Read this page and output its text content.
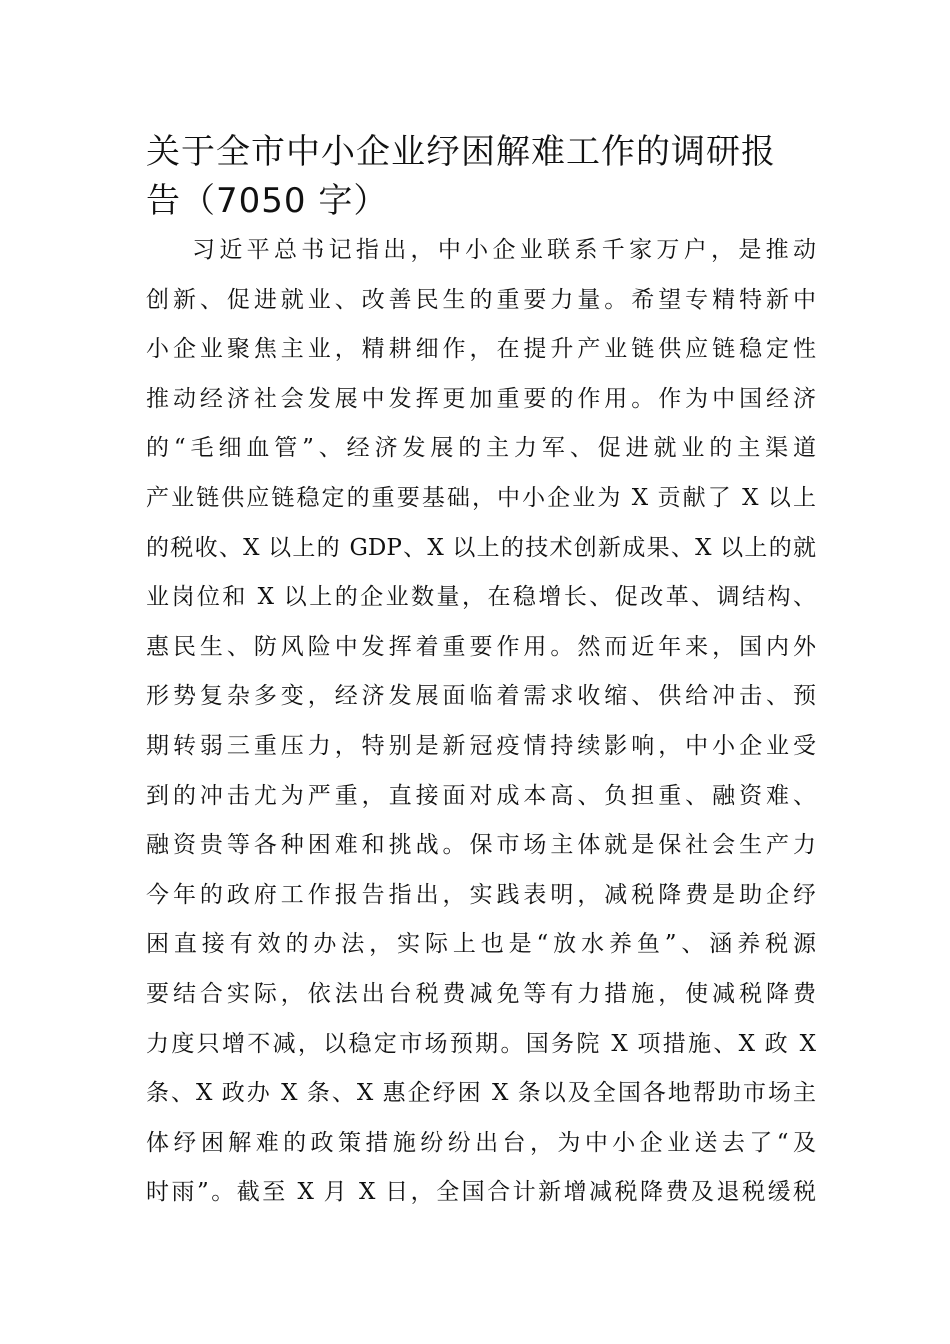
关于全市中小企业纾困解难工作的调研报
告（7050 字）
习近平总书记指出，中小企业联系千家万户，是推动
创新、促进就业、改善民生的重要力量。希望专精特新中
小企业聚焦主业，精耕细作，在提升产业链供应链稳定性
推动经济社会发展中发挥更加重要的作用。作为中国经济
的“毛细血管”、经济发展的主力军、促进就业的主渠道
产业链供应链稳定的重要基础，中小企业为 X 贡献了 X 以上
的税收、X 以上的 GDP、X 以上的技术创新成果、X 以上的就
业岗位和 X 以上的企业数量，在稳增长、促改革、调结构、
惠民生、防风险中发挥着重要作用。然而近年来，国内外
形势复杂多变，经济发展面临着需求收缩、供给冲击、预
期转弱三重压力，特别是新冠疫情持续影响，中小企业受
到的冲击尤为严重，直接面对成本高、负担重、融资难、
融资贵等各种困难和挑战。保市场主体就是保社会生产力
今年的政府工作报告指出，实践表明，减税降费是助企纾
困直接有效的办法，实际上也是“放水养鱼”、涵养税源
要结合实际，依法出台税费减免等有力措施，使减税降费
力度只增不减，以稳定市场预期。国务院 X 项措施、X 政 X
条、X 政办 X 条、X 惠企纾困 X 条以及全国各地帮助市场主
体纾困解难的政策措施纷纷出台，为中小企业送去了“及
时雨”。截至 X 月 X 日，全国合计新增减税降费及退税缓税
